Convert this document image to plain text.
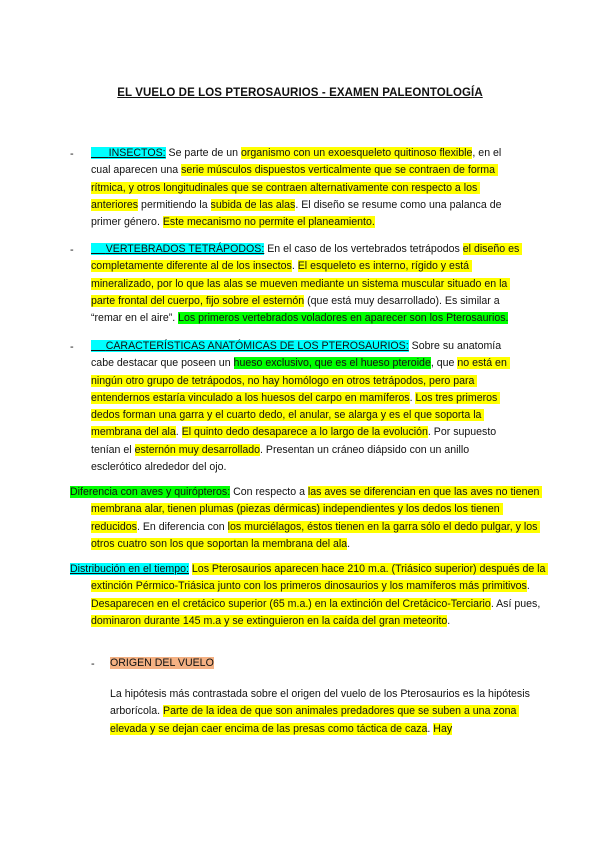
EL VUELO DE LOS PTEROSAURIOS - EXAMEN PALEONTOLOGÍA
- INSECTOS: Se parte de un organismo con un exoesqueleto quitinoso flexible, en el cual aparecen una serie músculos dispuestos verticalmente que se contraen de forma rítmica, y otros longitudinales que se contraen alternativamente con respecto a los anteriores permitiendo la subida de las alas. El diseño se resume como una palanca de primer género. Este mecanismo no permite el planeamiento.
- VERTEBRADOS TETRÁPODOS: En el caso de los vertebrados tetrápodos el diseño es completamente diferente al de los insectos. El esqueleto es interno, rígido y está mineralizado, por lo que las alas se mueven mediante un sistema muscular situado en la parte frontal del cuerpo, fijo sobre el esternón (que está muy desarrollado). Es similar a “remar en el aire”. Los primeros vertebrados voladores en aparecer son los Pterosaurios.
- CARACTERÍSTICAS ANATÓMICAS DE LOS PTEROSAURIOS: Sobre su anatomía cabe destacar que poseen un hueso exclusivo, que es el hueso pteroide, que no está en ningún otro grupo de tetrápodos, no hay homólogo en otros tetrápodos, pero para entendernos estaría vinculado a los huesos del carpo en mamíferos. Los tres primeros dedos forman una garra y el cuarto dedo, el anular, se alarga y es el que soporta la membrana del ala. El quinto dedo desaparece a lo largo de la evolución. Por supuesto tenían el esternón muy desarrollado. Presentan un cráneo diápsido con un anillo esclerótico alrededor del ojo.
Diferencia con aves y quirópteros: Con respecto a las aves se diferencian en que las aves no tienen membrana alar, tienen plumas (piezas dérmicas) independientes y los dedos los tienen reducidos. En diferencia con los murciélagos, éstos tienen en la garra sólo el dedo pulgar, y los otros cuatro son los que soportan la membrana del ala.
Distribución en el tiempo: Los Pterosaurios aparecen hace 210 m.a. (Triásico superior) después de la extinción Pérmico-Triásica junto con los primeros dinosaurios y los mamíferos más primitivos. Desaparecen en el cretácico superior (65 m.a.) en la extinción del Cretácico-Terciario. Así pues, dominaron durante 145 m.a y se extinguieron en la caída del gran meteorito.
- ORIGEN DEL VUELO
La hipótesis más contrastada sobre el origen del vuelo de los Pterosaurios es la hipótesis arborícola. Parte de la idea de que son animales predadores que se suben a una zona elevada y se dejan caer encima de las presas como táctica de caza. Hay
